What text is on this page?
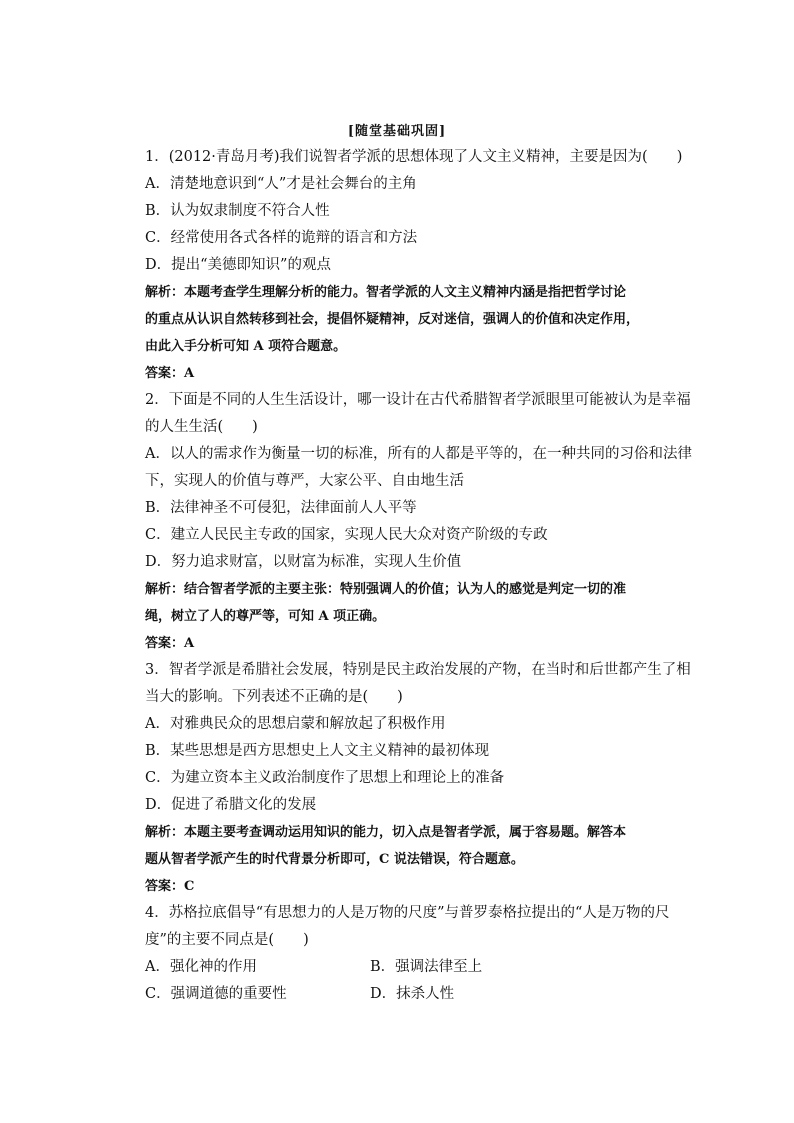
[随堂基础巩固]
1．(2012·青岛月考)我们说智者学派的思想体现了人文主义精神，主要是因为(　　)
A．清楚地意识到“人”才是社会舞台的主角
B．认为奴隶制度不符合人性
C．经常使用各式各样的诡辩的语言和方法
D．提出“美德即知识”的观点
解析：本题考查学生理解分析的能力。智者学派的人文主义精神内涵是指把哲学讨论
的重点从认识自然转移到社会，提倡怀疑精神，反对迷信，强调人的价值和决定作用，
由此入手分析可知 A 项符合题意。
答案：A
2．下面是不同的人生生活设计，哪一设计在古代希腊智者学派眼里可能被认为是幸福
的人生生活(　　)
A．以人的需求作为衡量一切的标准，所有的人都是平等的，在一种共同的习俗和法律
下，实现人的价值与尊严，大家公平、自由地生活
B．法律神圣不可侵犯，法律面前人人平等
C．建立人民民主专政的国家，实现人民大众对资产阶级的专政
D．努力追求财富，以财富为标准，实现人生价值
解析：结合智者学派的主要主张：特别强调人的价值；认为人的感觉是判定一切的准
绳，树立了人的尊严等，可知 A 项正确。
答案：A
3．智者学派是希腊社会发展，特别是民主政治发展的产物，在当时和后世都产生了相
当大的影响。下列表述不正确的是(　　)
A．对雅典民众的思想启蒙和解放起了积极作用
B．某些思想是西方思想史上人文主义精神的最初体现
C．为建立资本主义政治制度作了思想上和理论上的准备
D．促进了希腊文化的发展
解析：本题主要考查调动运用知识的能力，切入点是智者学派，属于容易题。解答本
题从智者学派产生的时代背景分析即可，C 说法错误，符合题意。
答案：C
4．苏格拉底倡导“有思想力的人是万物的尺度”与普罗泰格拉提出的“人是万物的尺
度”的主要不同点是(　　)
A．强化神的作用	B．强调法律至上
C．强调道德的重要性	D．抹杀人性
